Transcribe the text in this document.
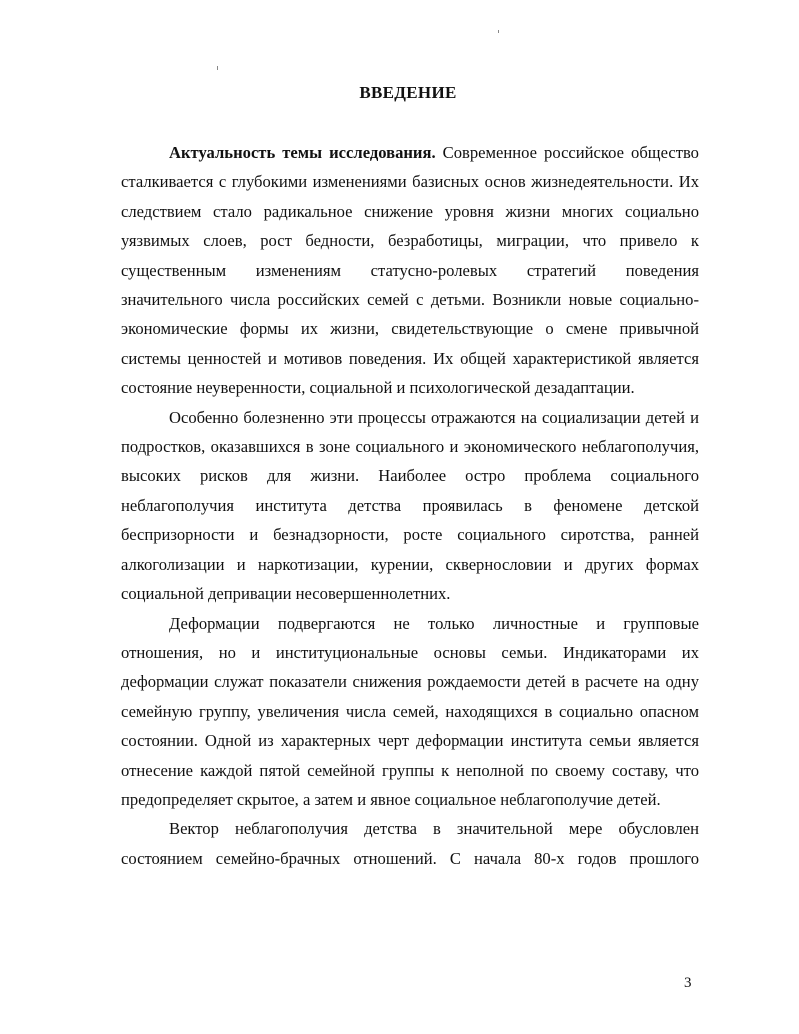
ВВЕДЕНИЕ

Актуальность темы исследования. Современное российское общество сталкивается с глубокими изменениями базисных основ жизнедеятельности. Их следствием стало радикальное снижение уровня жизни многих социально уязвимых слоев, рост бедности, безработицы, миграции, что привело к существенным изменениям статусно-ролевых стратегий поведения значительного числа российских семей с детьми. Возникли новые социально-экономические формы их жизни, свидетельствующие о смене привычной системы ценностей и мотивов поведения. Их общей характеристикой является состояние неуверенности, социальной и психологической дезадаптации.

Особенно болезненно эти процессы отражаются на социализации детей и подростков, оказавшихся в зоне социального и экономического неблагополучия, высоких рисков для жизни. Наиболее остро проблема социального неблагополучия института детства проявилась в феномене детской беспризорности и безнадзорности, росте социального сиротства, ранней алкоголизации и наркотизации, курении, сквернословии и других формах социальной депривации несовершеннолетних.

Деформации подвергаются не только личностные и групповые отношения, но и институциональные основы семьи. Индикаторами их деформации служат показатели снижения рождаемости детей в расчете на одну семейную группу, увеличения числа семей, находящихся в социально опасном состоянии. Одной из характерных черт деформации института семьи является отнесение каждой пятой семейной группы к неполной по своему составу, что предопределяет скрытое, а затем и явное социальное неблагополучие детей.

Вектор неблагополучия детства в значительной мере обусловлен состоянием семейно-брачных отношений. С начала 80-х годов прошлого

3
